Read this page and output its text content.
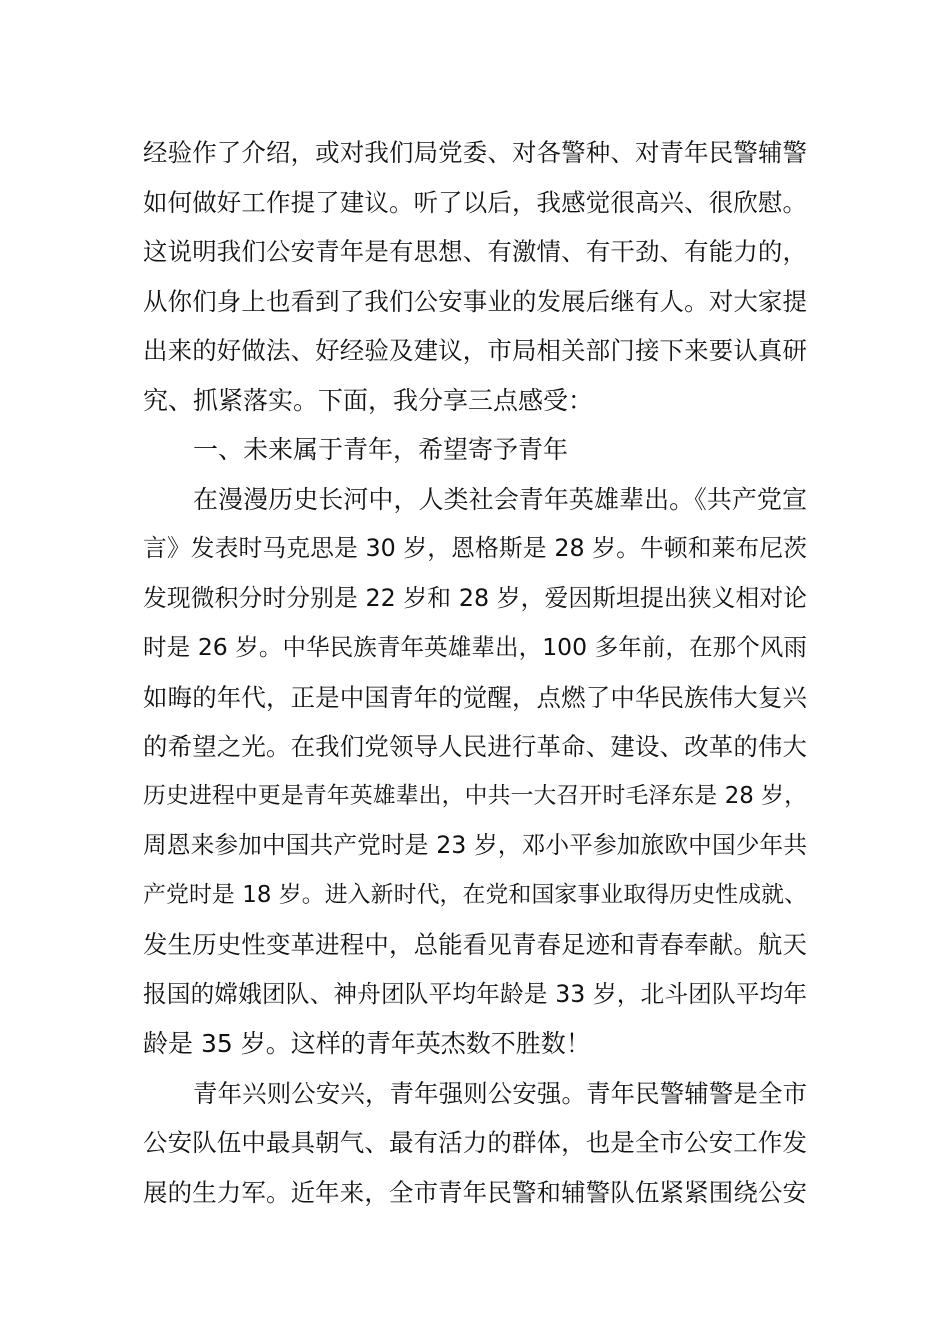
经验作了介绍，或对我们局党委、对各警种、对青年民警辅警
如何做好工作提了建议。听了以后，我感觉很高兴、很欣慰。
这说明我们公安青年是有思想、有激情、有干劲、有能力的，
从你们身上也看到了我们公安事业的发展后继有人。对大家提
出来的好做法、好经验及建议，市局相关部门接下来要认真研
究、抓紧落实。下面，我分享三点感受：
一、未来属于青年，希望寄予青年
在漫漫历史长河中，人类社会青年英雄辈出。《共产党宣
言》发表时马克思是 30 岁，恩格斯是 28 岁。牛顿和莱布尼茨
发现微积分时分别是 22 岁和 28 岁，爱因斯坦提出狭义相对论
时是 26 岁。中华民族青年英雄辈出，100 多年前，在那个风雨
如晦的年代，正是中国青年的觉醒，点燃了中华民族伟大复兴
的希望之光。在我们党领导人民进行革命、建设、改革的伟大
历史进程中更是青年英雄辈出，中共一大召开时毛泽东是 28 岁，
周恩来参加中国共产党时是 23 岁，邓小平参加旅欧中国少年共
产党时是 18 岁。进入新时代，在党和国家事业取得历史性成就、
发生历史性变革进程中，总能看见青春足迹和青春奉献。航天
报国的嫦娥团队、神舟团队平均年龄是 33 岁，北斗团队平均年
龄是 35 岁。这样的青年英杰数不胜数！
青年兴则公安兴，青年强则公安强。青年民警辅警是全市
公安队伍中最具朝气、最有活力的群体，也是全市公安工作发
展的生力军。近年来，全市青年民警和辅警队伍紧紧围绕公安
